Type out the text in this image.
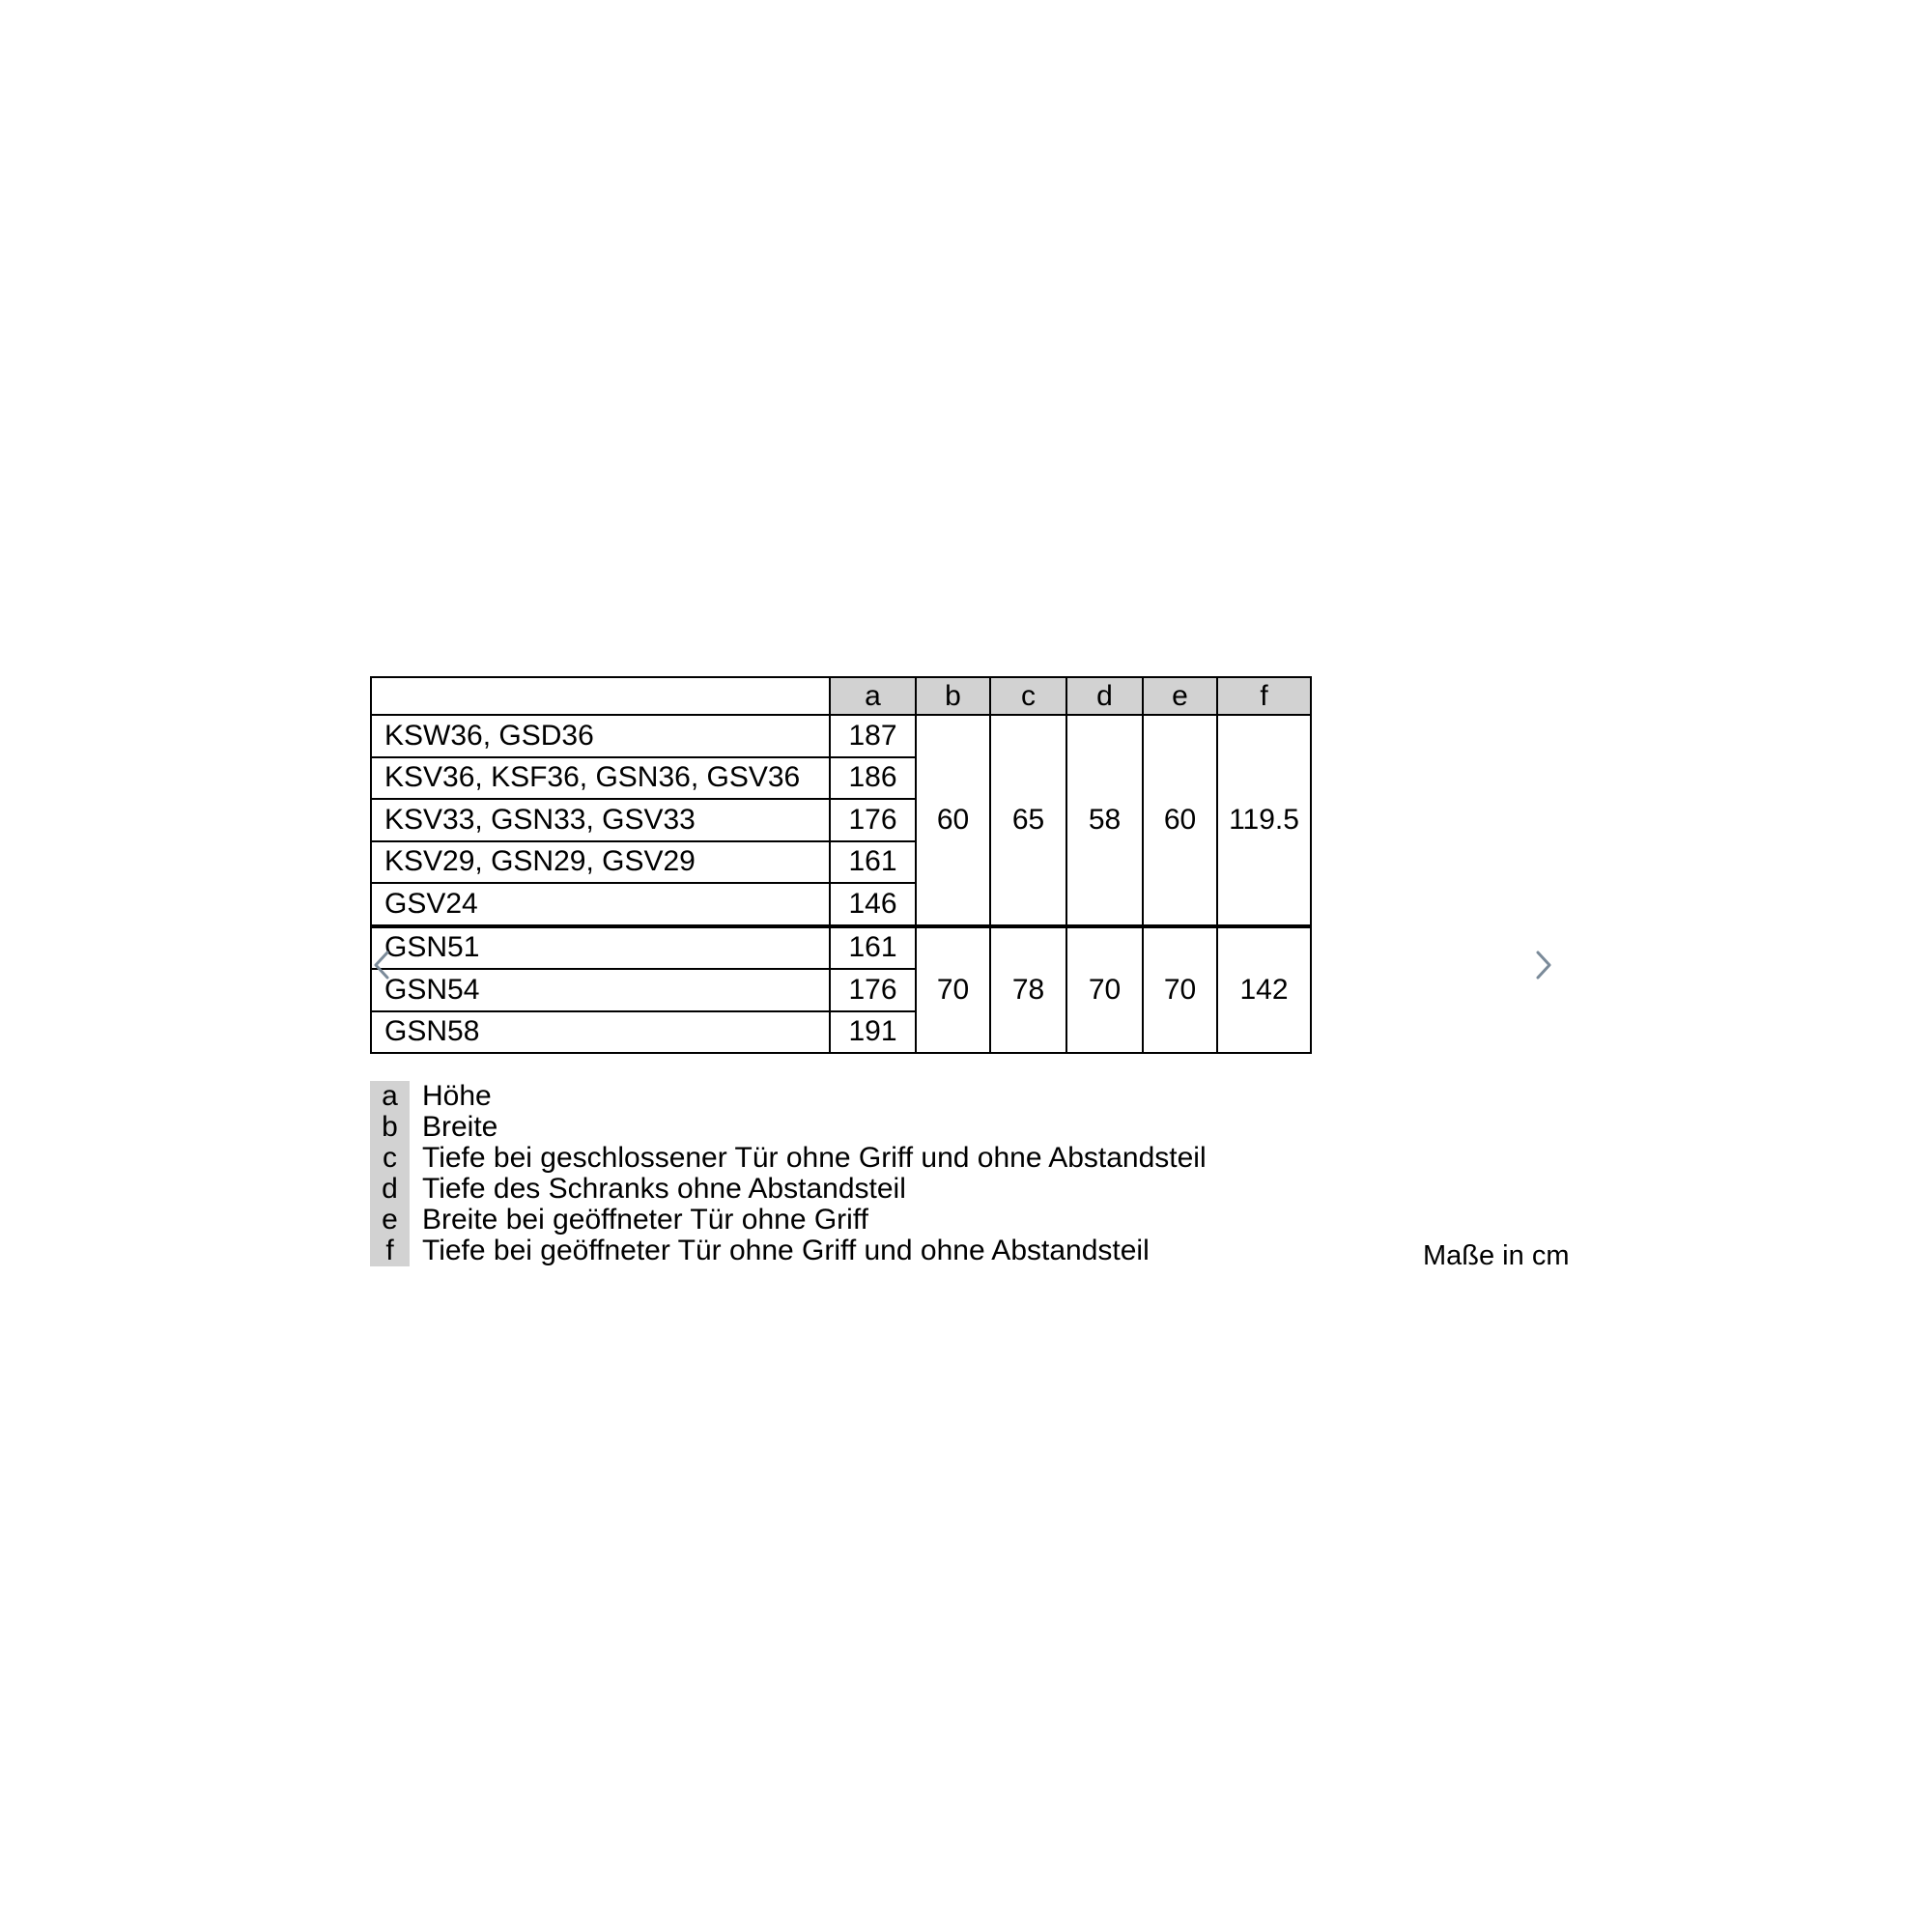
	a	b	c	d	e	f
KSW36, GSD36	187	60	65	58	60	119.5
KSV36, KSF36, GSN36, GSV36	186					
KSV33, GSN33, GSV33	176					
KSV29, GSN29, GSV29	161					
GSV24	146					
GSN51	161	70	78	70	70	142
GSN54	176					
GSN58	191					
a Höhe
b Breite
c Tiefe bei geschlossener Tür ohne Griff und ohne Abstandsteil
d Tiefe des Schranks ohne Abstandsteil
e Breite bei geöffneter Tür ohne Griff
f Tiefe bei geöffneter Tür ohne Griff und ohne Abstandsteil	Maße in cm
